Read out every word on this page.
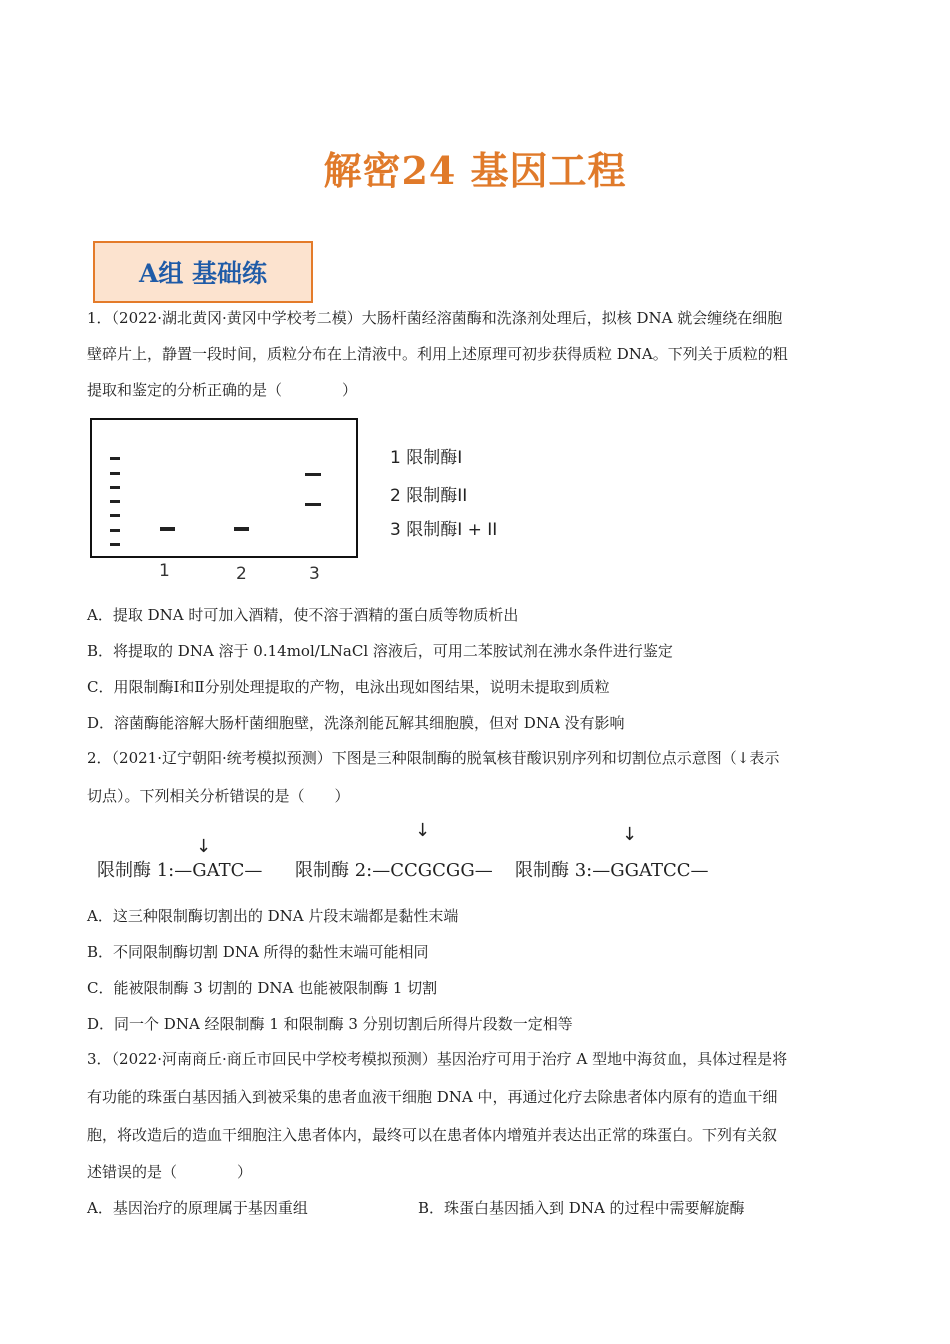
解密24 基因工程
A组 基础练
1．（2022·湖北黄冈·黄冈中学校考二模）大肠杆菌经溶菌酶和洗涤剂处理后，拟核 DNA 就会缠绕在细胞
壁碎片上，静置一段时间，质粒分布在上清液中。利用上述原理可初步获得质粒 DNA。下列关于质粒的粗
提取和鉴定的分析正确的是（　　　　）
1	2	3
1 限制酶I
2 限制酶II
3 限制酶I + II
A．提取 DNA 时可加入酒精，使不溶于酒精的蛋白质等物质析出
B．将提取的 DNA 溶于 0.14mol/LNaCl 溶液后，可用二苯胺试剂在沸水条件进行鉴定
C．用限制酶Ⅰ和Ⅱ分别处理提取的产物，电泳出现如图结果，说明未提取到质粒
D．溶菌酶能溶解大肠杆菌细胞壁，洗涤剂能瓦解其细胞膜，但对 DNA 没有影响
2．（2021·辽宁朝阳·统考模拟预测）下图是三种限制酶的脱氧核苷酸识别序列和切割位点示意图（↓表示
切点）。下列相关分析错误的是（　　）
限制酶 1:—GATC—
↓
限制酶 2:—CCGCGG—
↓
限制酶 3:—GGATCC—
↓
A．这三种限制酶切割出的 DNA 片段末端都是黏性末端
B．不同限制酶切割 DNA 所得的黏性末端可能相同
C．能被限制酶 3 切割的 DNA 也能被限制酶 1 切割
D．同一个 DNA 经限制酶 1 和限制酶 3 分别切割后所得片段数一定相等
3．（2022·河南商丘·商丘市回民中学校考模拟预测）基因治疗可用于治疗 A 型地中海贫血，具体过程是将
有功能的珠蛋白基因插入到被采集的患者血液干细胞 DNA 中，再通过化疗去除患者体内原有的造血干细
胞，将改造后的造血干细胞注入患者体内，最终可以在患者体内增殖并表达出正常的珠蛋白。下列有关叙
述错误的是（　　　　）
A．基因治疗的原理属于基因重组	B．珠蛋白基因插入到 DNA 的过程中需要解旋酶
